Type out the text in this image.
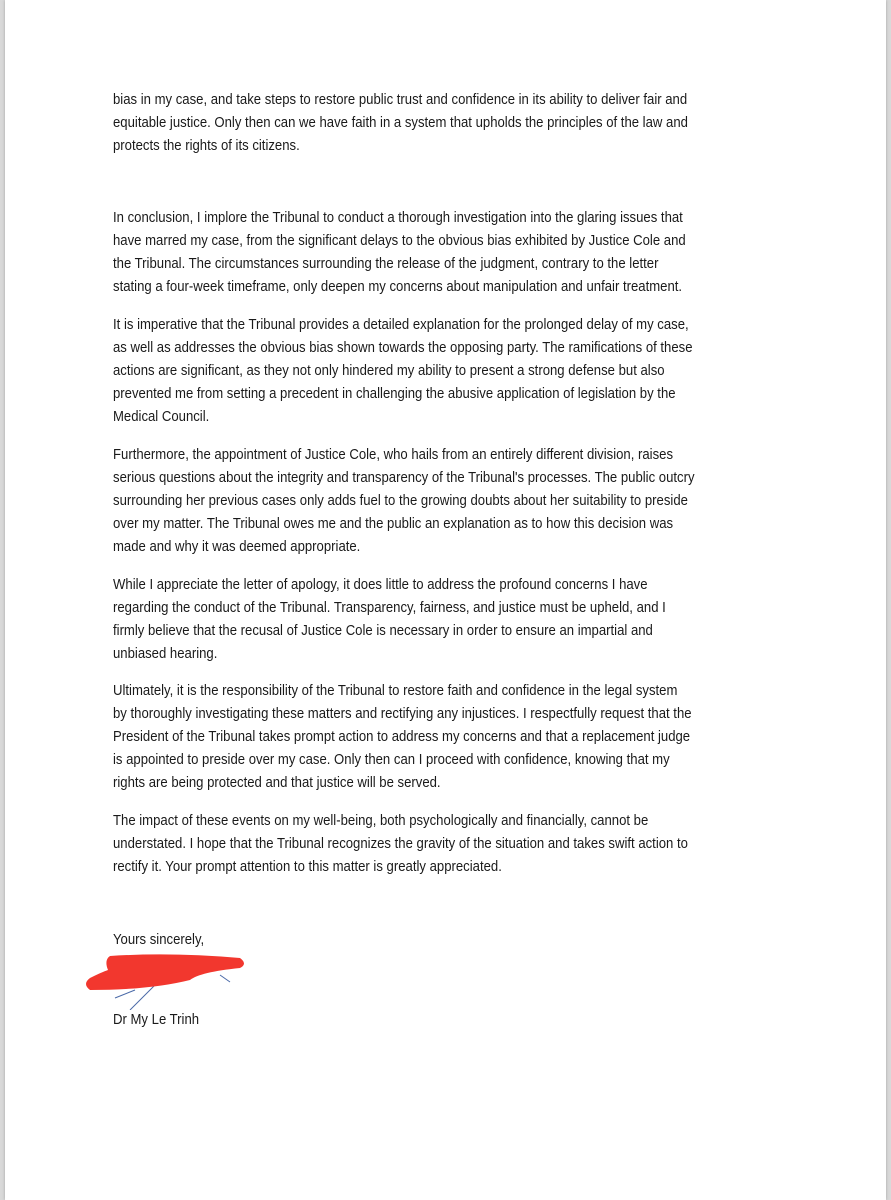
bias in my case, and take steps to restore public trust and confidence in its ability to deliver fair and
equitable justice. Only then can we have faith in a system that upholds the principles of the law and
protects the rights of its citizens.
In conclusion, I implore the Tribunal to conduct a thorough investigation into the glaring issues that
have marred my case, from the significant delays to the obvious bias exhibited by Justice Cole and
the Tribunal. The circumstances surrounding the release of the judgment, contrary to the letter
stating a four-week timeframe, only deepen my concerns about manipulation and unfair treatment.
It is imperative that the Tribunal provides a detailed explanation for the prolonged delay of my case,
as well as addresses the obvious bias shown towards the opposing party. The ramifications of these
actions are significant, as they not only hindered my ability to present a strong defense but also
prevented me from setting a precedent in challenging the abusive application of legislation by the
Medical Council.
Furthermore, the appointment of Justice Cole, who hails from an entirely different division, raises
serious questions about the integrity and transparency of the Tribunal's processes. The public outcry
surrounding her previous cases only adds fuel to the growing doubts about her suitability to preside
over my matter. The Tribunal owes me and the public an explanation as to how this decision was
made and why it was deemed appropriate.
While I appreciate the letter of apology, it does little to address the profound concerns I have
regarding the conduct of the Tribunal. Transparency, fairness, and justice must be upheld, and I
firmly believe that the recusal of Justice Cole is necessary in order to ensure an impartial and
unbiased hearing.
Ultimately, it is the responsibility of the Tribunal to restore faith and confidence in the legal system
by thoroughly investigating these matters and rectifying any injustices. I respectfully request that the
President of the Tribunal takes prompt action to address my concerns and that a replacement judge
is appointed to preside over my case. Only then can I proceed with confidence, knowing that my
rights are being protected and that justice will be served.
The impact of these events on my well-being, both psychologically and financially, cannot be
understated. I hope that the Tribunal recognizes the gravity of the situation and takes swift action to
rectify it. Your prompt attention to this matter is greatly appreciated.
Yours sincerely,
Dr My Le Trinh
